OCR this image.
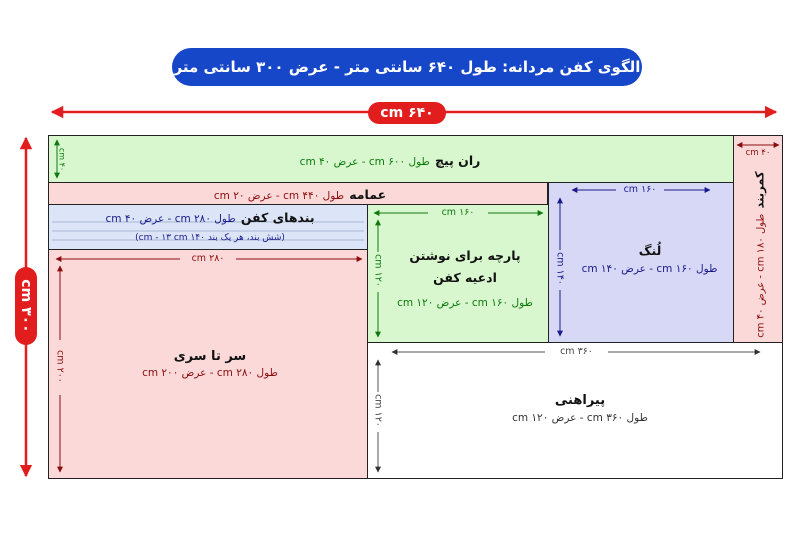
الگوی کفن مردانه: طول ۶۴۰ سانتی متر - عرض ۳۰۰ سانتی متر
۶۴۰ cm
۳۰۰ cm
ران پیچ طول ۶۰۰ cm - عرض ۴۰ cm
۴۰ cm
عمامه طول ۴۴۰ cm - عرض ۲۰ cm
بندهای کفن طول ۲۸۰ cm - عرض ۴۰ cm
(شش بند، هر یک بند ۱۴۰ cm - ۱۳ cm)
۲۸۰ cm
۲۰۰ cm
سر تا سری
طول ۲۸۰ cm - عرض ۲۰۰ cm
۱۶۰ cm
۱۲۰ cm
پارچه برای نوشتن
ادعیه کفن
طول ۱۶۰ cm - عرض ۱۲۰ cm
۱۶۰ cm
۱۴۰ cm
لُنگ
طول ۱۶۰ cm - عرض ۱۴۰ cm
۴۰ cm
کمربند طول ۱۸۰ cm - عرض ۴۰ cm
۳۶۰ cm
۱۲۰ cm
پیراهنی
طول ۳۶۰ cm - عرض ۱۲۰ cm
